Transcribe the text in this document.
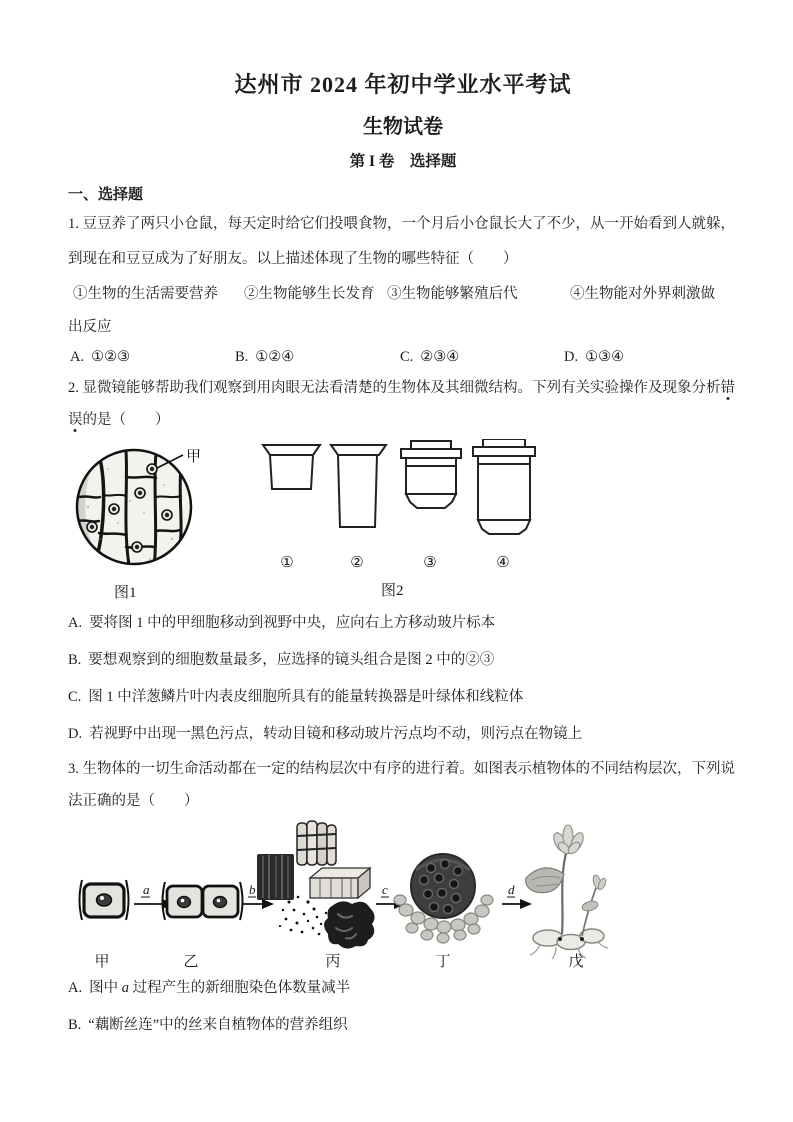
达州市 2024 年初中学业水平考试
生物试卷
第 I 卷　选择题
一、选择题
1. 豆豆养了两只小仓鼠，每天定时给它们投喂食物，一个月后小仓鼠长大了不少，从一开始看到人就躲，
到现在和豆豆成为了好朋友。以上描述体现了生物的哪些特征（　　）
①生物的生活需要营养 ②生物能够生长发育 ③生物能够繁殖后代	④生物能对外界刺激做
出反应
A. ①②③	B. ①②④	C. ②③④	D. ①③④
2. 显微镜能够帮助我们观察到用肉眼无法看清楚的生物体及其细微结构。下列有关实验操作及现象分析错
误的是（　　）
甲
图1
①	②	③	④
图2
A. 要将图 1 中的甲细胞移动到视野中央，应向右上方移动玻片标本
B. 要想观察到的细胞数量最多，应选择的镜头组合是图 2 中的②③
C. 图 1 中洋葱鳞片叶内表皮细胞所具有的能量转换器是叶绿体和线粒体
D. 若视野中出现一黑色污点，转动目镜和移动玻片污点均不动，则污点在物镜上
3. 生物体的一切生命活动都在一定的结构层次中有序的进行着。如图表示植物体的不同结构层次，下列说
法正确的是（　　）
a	b	c	d
甲	乙	丙	丁	戊
A. 图中 a 过程产生的新细胞染色体数量减半
B. “藕断丝连”中的丝来自植物体的营养组织
